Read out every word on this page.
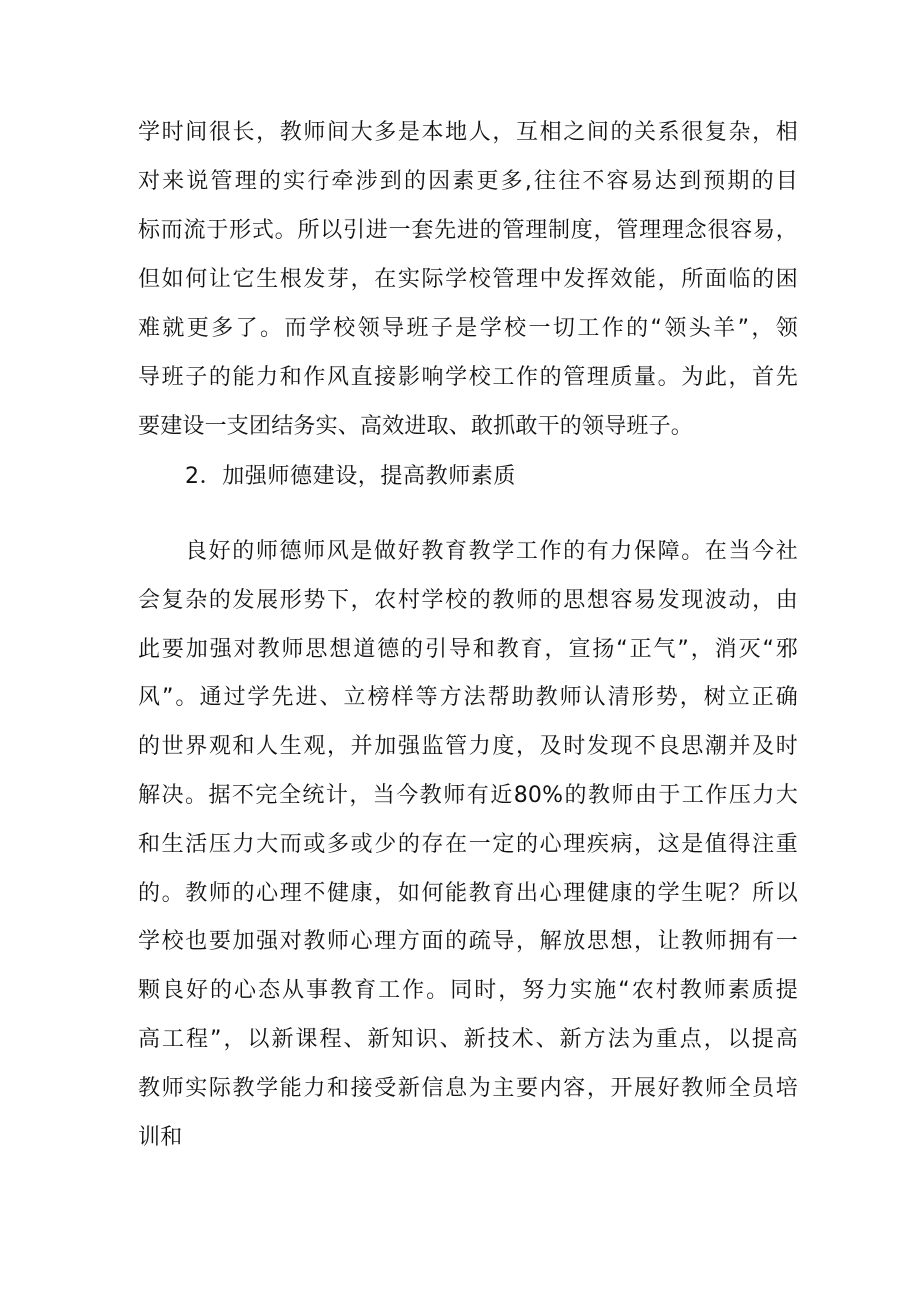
学时间很长，教师间大多是本地人，互相之间的关系很复杂，相
对来说管理的实行牵涉到的因素更多,往往不容易达到预期的目
标而流于形式。所以引进一套先进的管理制度，管理理念很容易，
但如何让它生根发芽，在实际学校管理中发挥效能，所面临的困
难就更多了。而学校领导班子是学校一切工作的“领头羊”，领
导班子的能力和作风直接影响学校工作的管理质量。为此，首先
要建设一支团结务实、高效进取、敢抓敢干的领导班子。
2．加强师德建设，提高教师素质
良好的师德师风是做好教育教学工作的有力保障。在当今社
会复杂的发展形势下，农村学校的教师的思想容易发现波动，由
此要加强对教师思想道德的引导和教育，宣扬“正气”，消灭“邪
风”。通过学先进、立榜样等方法帮助教师认清形势，树立正确
的世界观和人生观，并加强监管力度，及时发现不良思潮并及时
解决。据不完全统计，当今教师有近80%的教师由于工作压力大
和生活压力大而或多或少的存在一定的心理疾病，这是值得注重
的。教师的心理不健康，如何能教育出心理健康的学生呢？所以
学校也要加强对教师心理方面的疏导，解放思想，让教师拥有一
颗良好的心态从事教育工作。同时，努力实施“农村教师素质提
高工程”，以新课程、新知识、新技术、新方法为重点，以提高
教师实际教学能力和接受新信息为主要内容，开展好教师全员培
训和
